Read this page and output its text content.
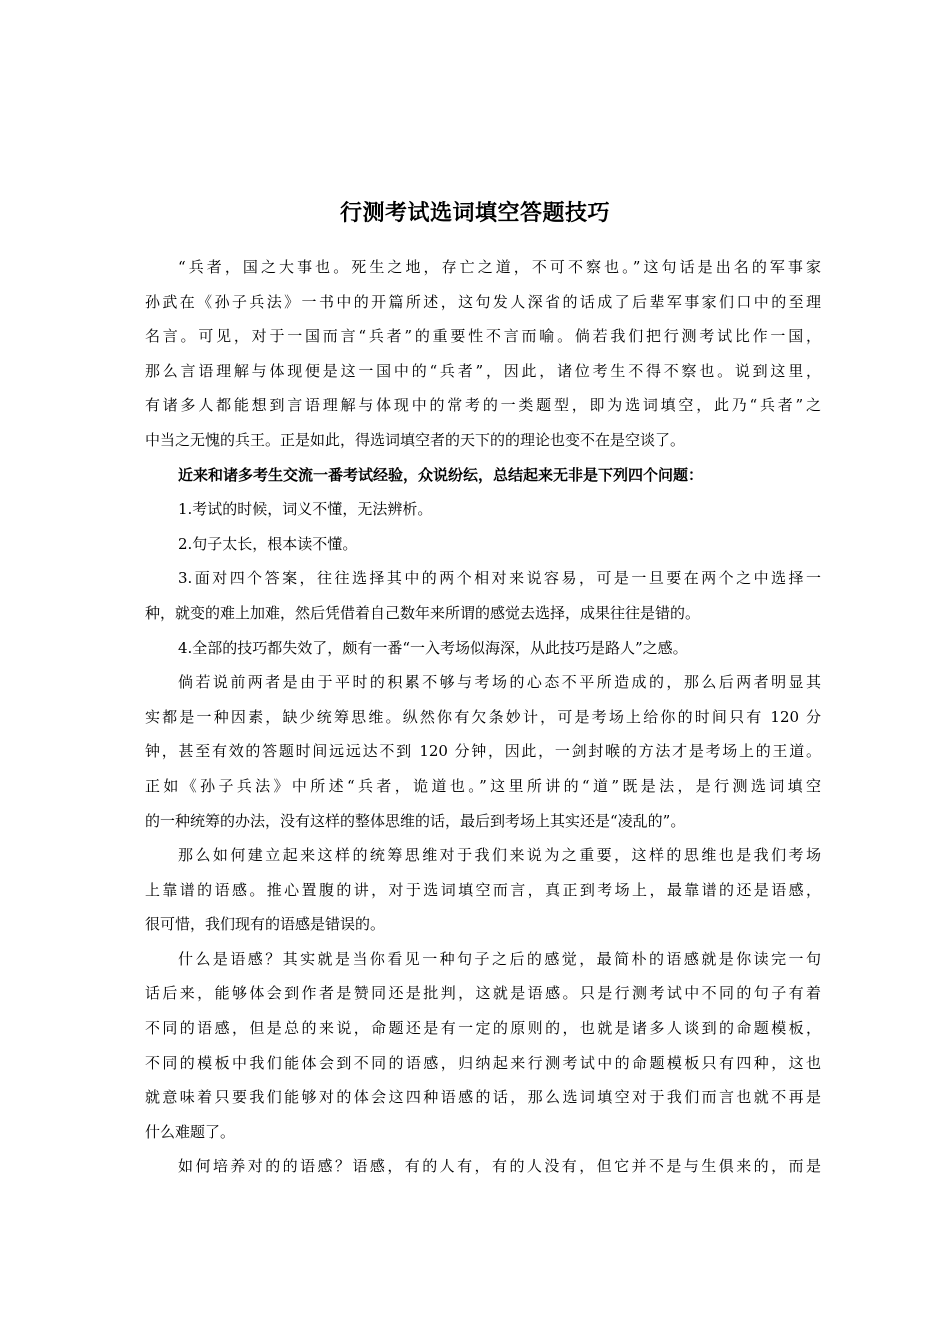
行测考试选词填空答题技巧
“兵者，国之大事也。死生之地，存亡之道，不可不察也。”这句话是出名的军事家
孙武在《孙子兵法》一书中的开篇所述，这句发人深省的话成了后辈军事家们口中的至理
名言。可见，对于一国而言“兵者”的重要性不言而喻。倘若我们把行测考试比作一国，
那么言语理解与体现便是这一国中的“兵者”，因此，诸位考生不得不察也。说到这里，
有诸多人都能想到言语理解与体现中的常考的一类题型，即为选词填空，此乃“兵者”之
中当之无愧的兵王。正是如此，得选词填空者的天下的的理论也变不在是空谈了。
近来和诸多考生交流一番考试经验，众说纷纭，总结起来无非是下列四个问题：
1.考试的时候，词义不懂，无法辨析。
2.句子太长，根本读不懂。
3.面对四个答案，往往选择其中的两个相对来说容易，可是一旦要在两个之中选择一
种，就变的难上加难，然后凭借着自己数年来所谓的感觉去选择，成果往往是错的。
4.全部的技巧都失效了，颇有一番“一入考场似海深，从此技巧是路人”之感。
倘若说前两者是由于平时的积累不够与考场的心态不平所造成的，那么后两者明显其
实都是一种因素，缺少统筹思维。纵然你有欠条妙计，可是考场上给你的时间只有 120 分
钟，甚至有效的答题时间远远达不到 120 分钟，因此，一剑封喉的方法才是考场上的王道。
正如《孙子兵法》中所述“兵者，诡道也。”这里所讲的“道”既是法，是行测选词填空
的一种统筹的办法，没有这样的整体思维的话，最后到考场上其实还是“凌乱的”。
那么如何建立起来这样的统筹思维对于我们来说为之重要，这样的思维也是我们考场
上靠谱的语感。推心置腹的讲，对于选词填空而言，真正到考场上，最靠谱的还是语感，
很可惜，我们现有的语感是错误的。
什么是语感？其实就是当你看见一种句子之后的感觉，最简朴的语感就是你读完一句
话后来，能够体会到作者是赞同还是批判，这就是语感。只是行测考试中不同的句子有着
不同的语感，但是总的来说，命题还是有一定的原则的，也就是诸多人谈到的命题模板，
不同的模板中我们能体会到不同的语感，归纳起来行测考试中的命题模板只有四种，这也
就意味着只要我们能够对的体会这四种语感的话，那么选词填空对于我们而言也就不再是
什么难题了。
如何培养对的的语感？语感，有的人有，有的人没有，但它并不是与生俱来的，而是
